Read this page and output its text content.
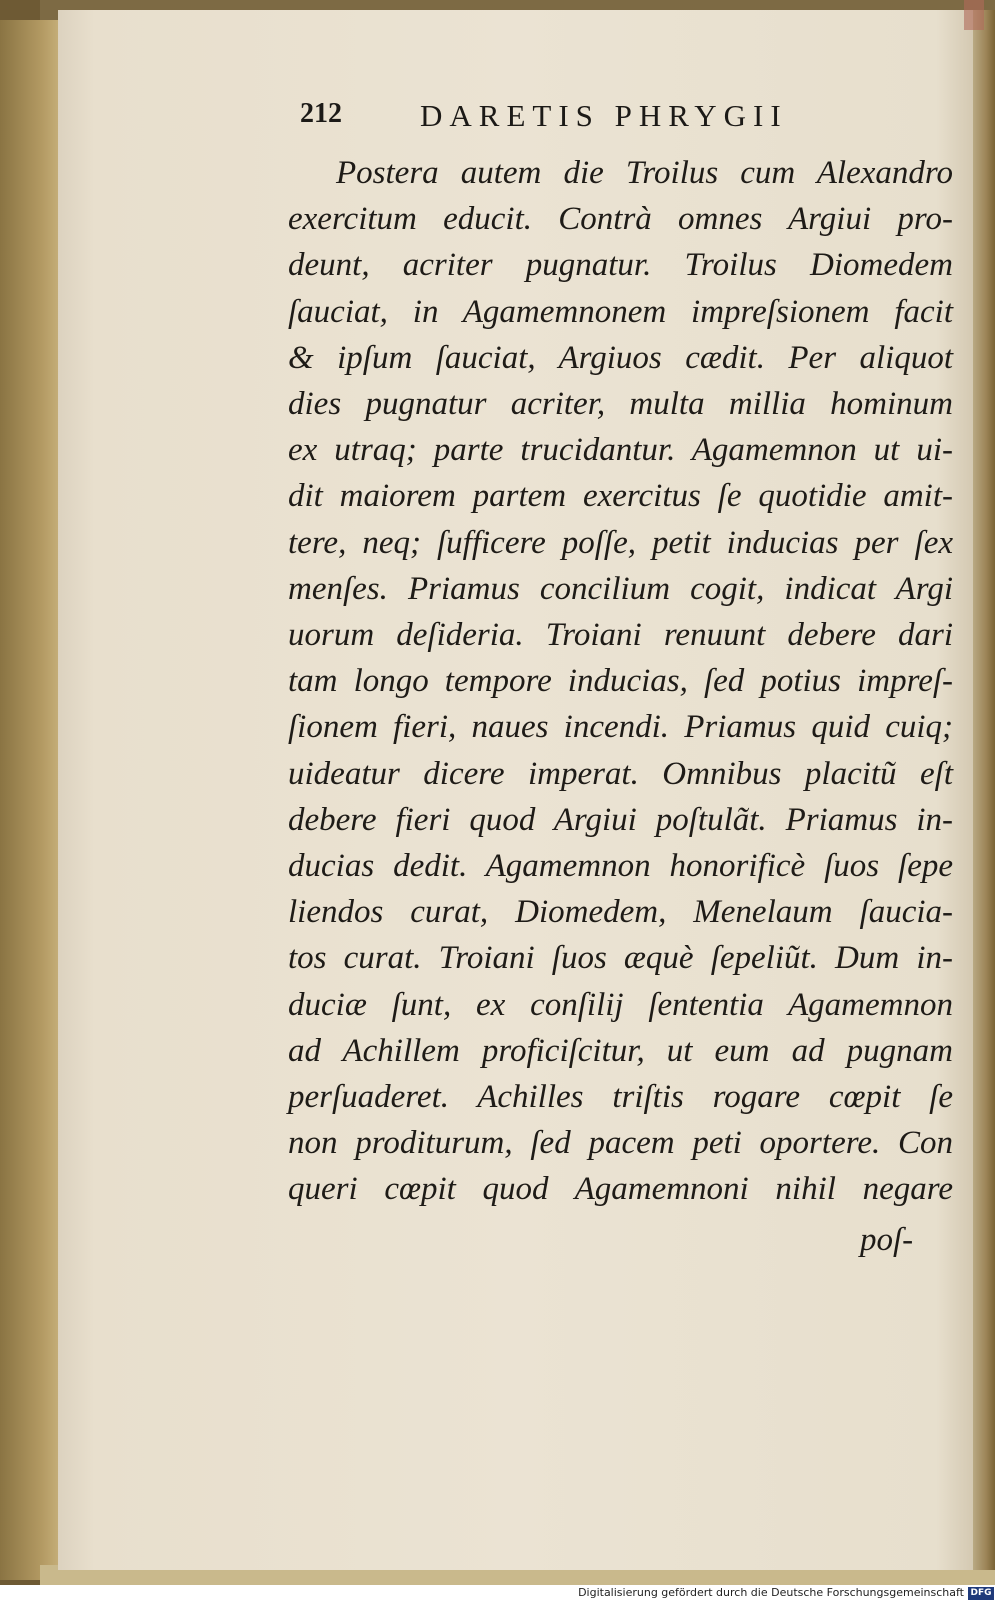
212	DARETIS PHRYGII
Postera autem die Troilus cum Alexandro
exercitum educit. Contrà omnes Argiui pro-
deunt, acriter pugnatur. Troilus Diomedem
ſauciat, in Agamemnonem impreſsionem facit
& ipſum ſauciat, Argiuos cædit. Per aliquot
dies pugnatur acriter, multa millia hominum
ex utraq; parte trucidantur. Agamemnon ut ui-
dit maiorem partem exercitus ſe quotidie amit-
tere, neq; ſufficere poſſe, petit inducias per ſex
menſes. Priamus concilium cogit, indicat Argi
uorum deſideria. Troiani renuunt debere dari
tam longo tempore inducias, ſed potius impreſ-
ſionem fieri, naues incendi. Priamus quid cuiq;
uideatur dicere imperat. Omnibus placitũ eſt
debere fieri quod Argiui poſtulãt. Priamus in-
ducias dedit. Agamemnon honorificè ſuos ſepe
liendos curat, Diomedem, Menelaum ſaucia-
tos curat. Troiani ſuos æquè ſepeliũt. Dum in-
duciæ ſunt, ex conſilij ſententia Agamemnon
ad Achillem proficiſcitur, ut eum ad pugnam
perſuaderet. Achilles triſtis rogare cœpit ſe
non proditurum, ſed pacem peti oportere. Con
queri cœpit quod Agamemnoni nihil negare
poſ-
Digitalisierung gefördert durch die Deutsche Forschungsgemeinschaft DFG
